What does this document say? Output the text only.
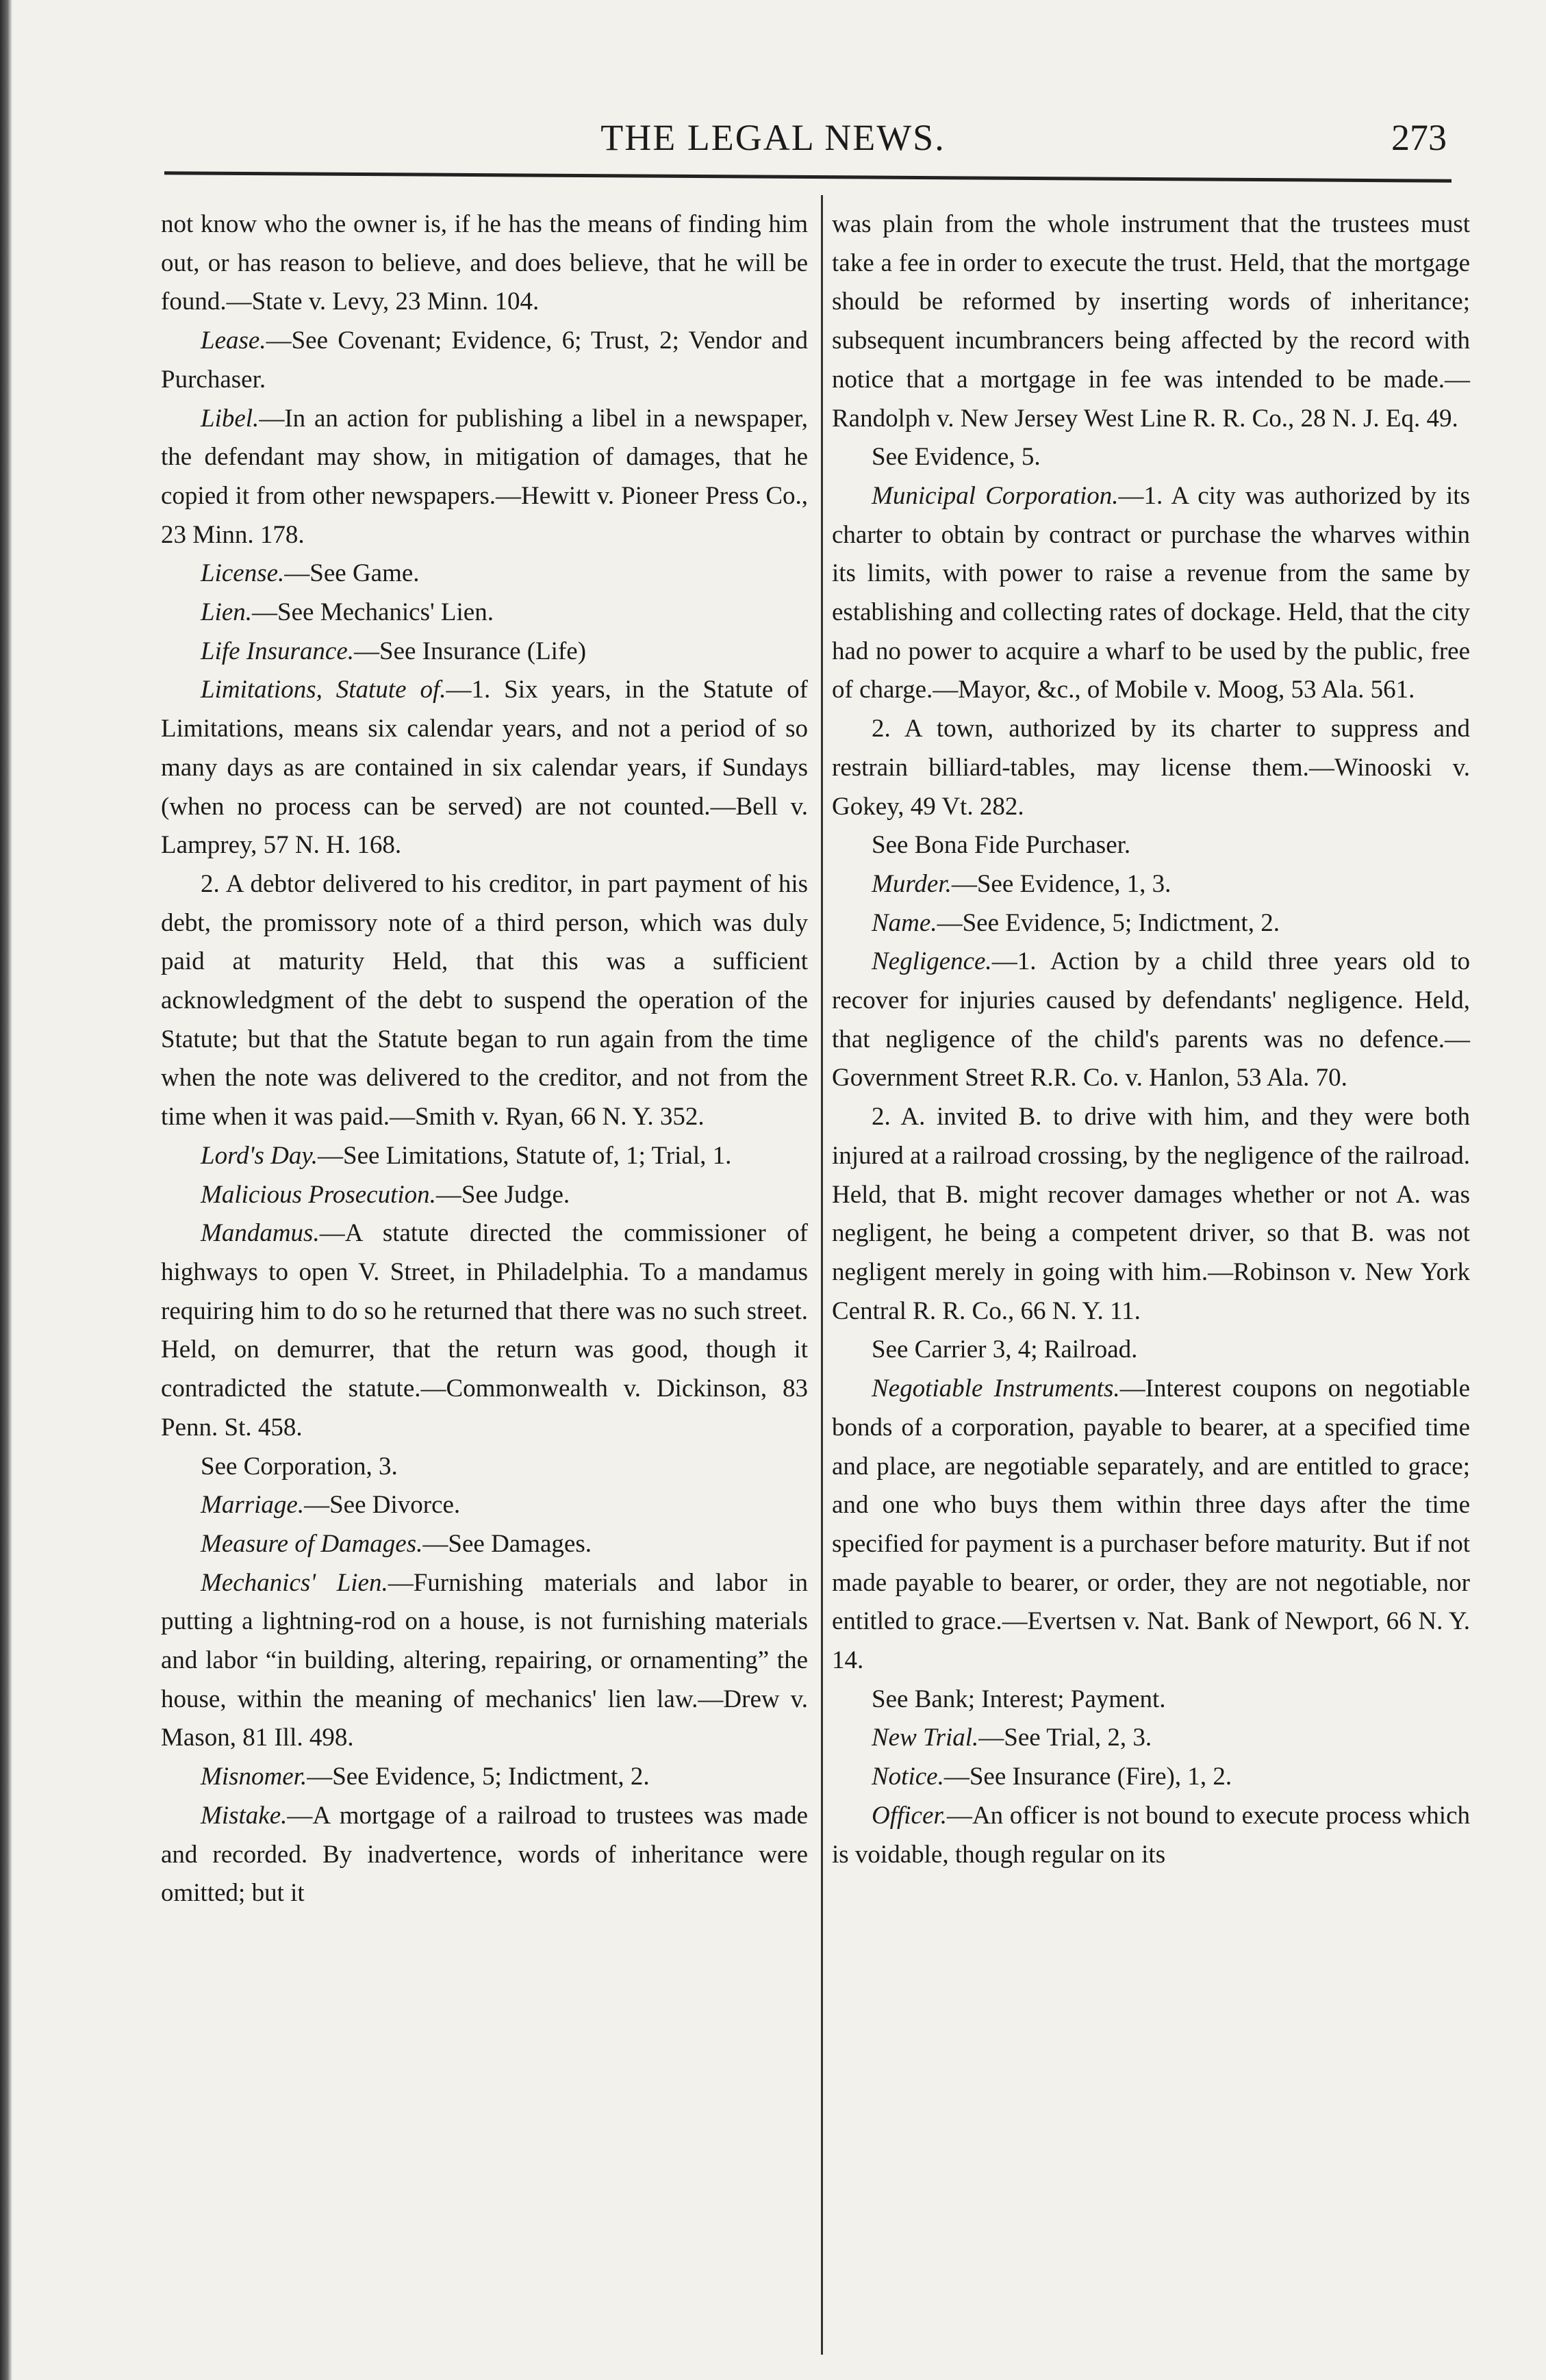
THE LEGAL NEWS.	273

not know who the owner is, if he has the means of finding him out, or has reason to believe, and does believe, that he will be found.—State v. Levy, 23 Minn. 104.

Lease.—See Covenant; Evidence, 6; Trust, 2; Vendor and Purchaser.

Libel.—In an action for publishing a libel in a newspaper, the defendant may show, in mitigation of damages, that he copied it from other newspapers.—Hewitt v. Pioneer Press Co., 23 Minn. 178.

License.—See Game.

Lien.—See Mechanics' Lien.

Life Insurance.—See Insurance (Life)

Limitations, Statute of.—1. Six years, in the Statute of Limitations, means six calendar years, and not a period of so many days as are contained in six calendar years, if Sundays (when no process can be served) are not counted.—Bell v. Lamprey, 57 N. H. 168.

2. A debtor delivered to his creditor, in part payment of his debt, the promissory note of a third person, which was duly paid at maturity Held, that this was a sufficient acknowledgment of the debt to suspend the operation of the Statute; but that the Statute began to run again from the time when the note was delivered to the creditor, and not from the time when it was paid.—Smith v. Ryan, 66 N. Y. 352.

Lord's Day.—See Limitations, Statute of, 1; Trial, 1.

Malicious Prosecution.—See Judge.

Mandamus.—A statute directed the commissioner of highways to open V. Street, in Philadelphia. To a mandamus requiring him to do so he returned that there was no such street. Held, on demurrer, that the return was good, though it contradicted the statute.—Commonwealth v. Dickinson, 83 Penn. St. 458.

See Corporation, 3.

Marriage.—See Divorce.

Measure of Damages.—See Damages.

Mechanics' Lien.—Furnishing materials and labor in putting a lightning-rod on a house, is not furnishing materials and labor “in building, altering, repairing, or ornamenting” the house, within the meaning of mechanics' lien law.—Drew v. Mason, 81 Ill. 498.

Misnomer.—See Evidence, 5; Indictment, 2.

Mistake.—A mortgage of a railroad to trustees was made and recorded. By inadvertence, words of inheritance were omitted; but it

was plain from the whole instrument that the trustees must take a fee in order to execute the trust. Held, that the mortgage should be reformed by inserting words of inheritance; subsequent incumbrancers being affected by the record with notice that a mortgage in fee was intended to be made.—Randolph v. New Jersey West Line R. R. Co., 28 N. J. Eq. 49.

See Evidence, 5.

Municipal Corporation.—1. A city was authorized by its charter to obtain by contract or purchase the wharves within its limits, with power to raise a revenue from the same by establishing and collecting rates of dockage. Held, that the city had no power to acquire a wharf to be used by the public, free of charge.—Mayor, &c., of Mobile v. Moog, 53 Ala. 561.

2. A town, authorized by its charter to suppress and restrain billiard-tables, may license them.—Winooski v. Gokey, 49 Vt. 282.

See Bona Fide Purchaser.

Murder.—See Evidence, 1, 3.

Name.—See Evidence, 5; Indictment, 2.

Negligence.—1. Action by a child three years old to recover for injuries caused by defendants' negligence. Held, that negligence of the child's parents was no defence.—Government Street R.R. Co. v. Hanlon, 53 Ala. 70.

2. A. invited B. to drive with him, and they were both injured at a railroad crossing, by the negligence of the railroad. Held, that B. might recover damages whether or not A. was negligent, he being a competent driver, so that B. was not negligent merely in going with him.—Robinson v. New York Central R. R. Co., 66 N. Y. 11.

See Carrier 3, 4; Railroad.

Negotiable Instruments.—Interest coupons on negotiable bonds of a corporation, payable to bearer, at a specified time and place, are negotiable separately, and are entitled to grace; and one who buys them within three days after the time specified for payment is a purchaser before maturity. But if not made payable to bearer, or order, they are not negotiable, nor entitled to grace.—Evertsen v. Nat. Bank of Newport, 66 N. Y. 14.

See Bank; Interest; Payment.

New Trial.—See Trial, 2, 3.

Notice.—See Insurance (Fire), 1, 2.

Officer.—An officer is not bound to execute process which is voidable, though regular on its
